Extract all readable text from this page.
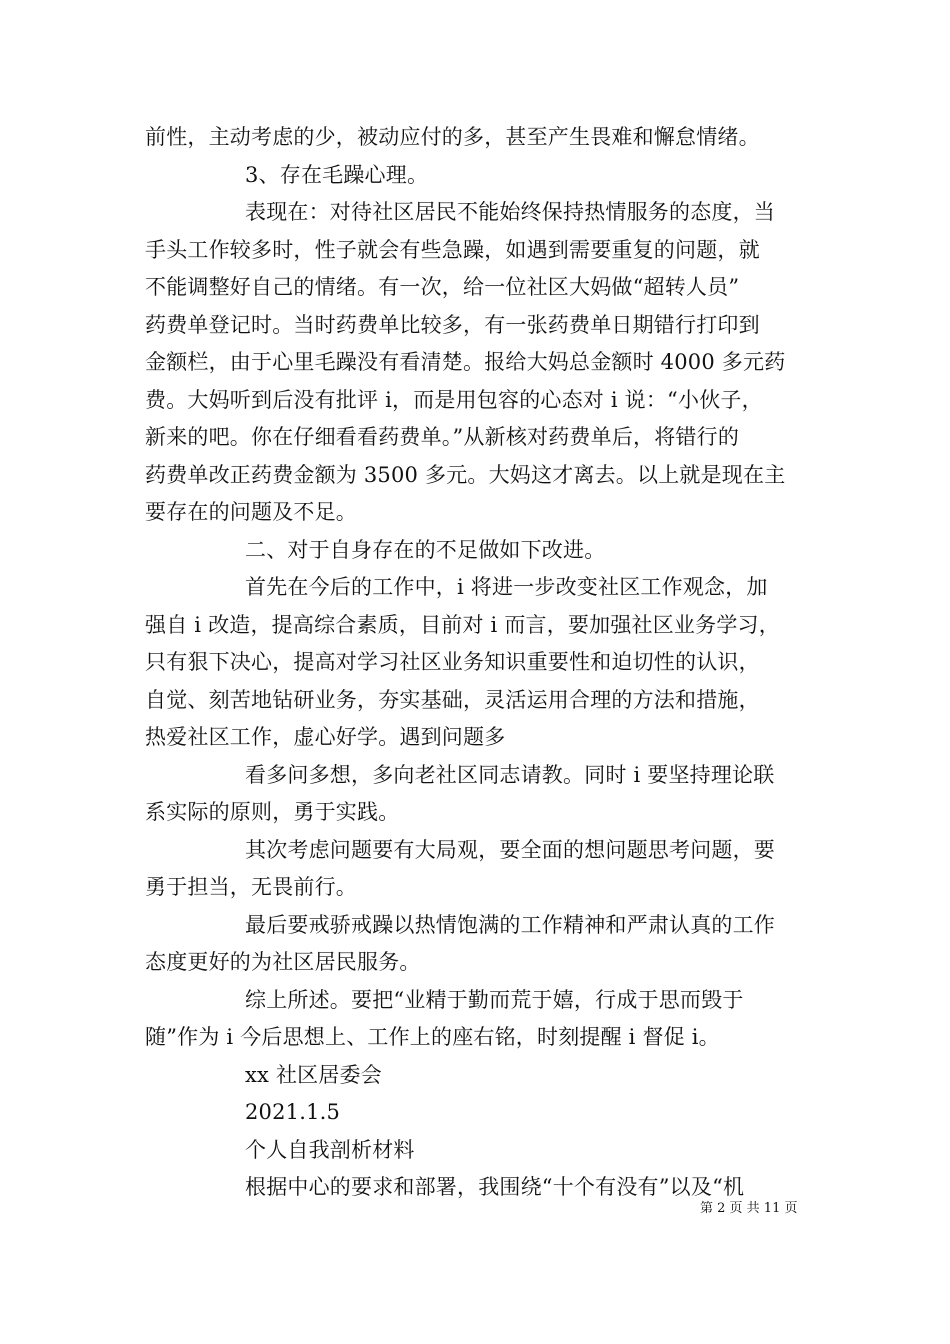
前性，主动考虑的少，被动应付的多，甚至产生畏难和懈怠情绪。
3、存在毛躁心理。
表现在：对待社区居民不能始终保持热情服务的态度，当
手头工作较多时，性子就会有些急躁，如遇到需要重复的问题，就
不能调整好自己的情绪。有一次，给一位社区大妈做“超转人员”
药费单登记时。当时药费单比较多，有一张药费单日期错行打印到
金额栏，由于心里毛躁没有看清楚。报给大妈总金额时 4000 多元药
费。大妈听到后没有批评 i，而是用包容的心态对 i 说：“小伙子，
新来的吧。你在仔细看看药费单。”从新核对药费单后，将错行的
药费单改正药费金额为 3500 多元。大妈这才离去。以上就是现在主
要存在的问题及不足。
二、对于自身存在的不足做如下改进。
首先在今后的工作中，i 将进一步改变社区工作观念，加
强自 i 改造，提高综合素质，目前对 i 而言，要加强社区业务学习，
只有狠下决心，提高对学习社区业务知识重要性和迫切性的认识，
自觉、刻苦地钻研业务，夯实基础，灵活运用合理的方法和措施，
热爱社区工作，虚心好学。遇到问题多
看多问多想，多向老社区同志请教。同时 i 要坚持理论联
系实际的原则，勇于实践。
其次考虑问题要有大局观，要全面的想问题思考问题，要
勇于担当，无畏前行。
最后要戒骄戒躁以热情饱满的工作精神和严肃认真的工作
态度更好的为社区居民服务。
综上所述。要把“业精于勤而荒于嬉，行成于思而毁于
随”作为 i 今后思想上、工作上的座右铭，时刻提醒 i 督促 i。
xx 社区居委会
2021.1.5
个人自我剖析材料
根据中心的要求和部署，我围绕“十个有没有”以及“机
第 2 页 共 11 页
